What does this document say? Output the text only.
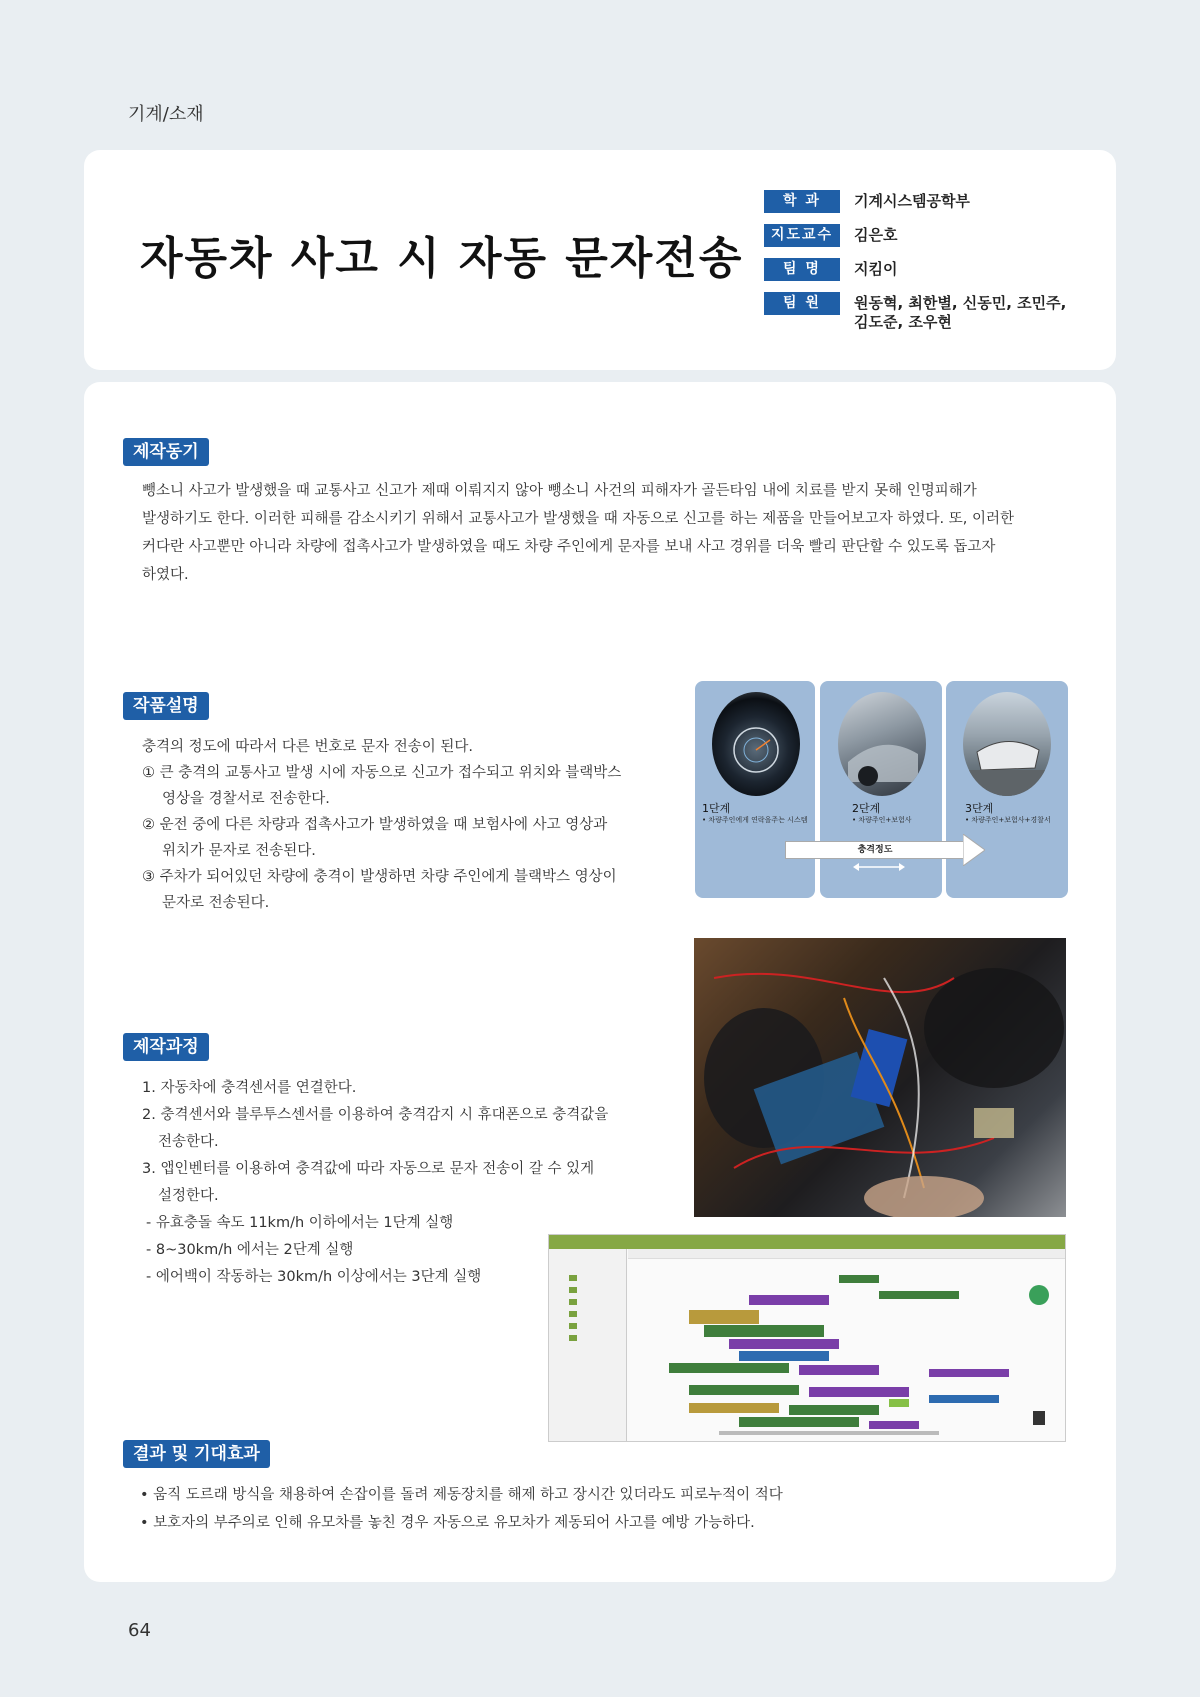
기계/소재
자동차 사고 시 자동 문자전송
학 과	기계시스템공학부
지도교수	김은호
팀 명	지킴이
팀 원	원동혁, 최한별, 신동민, 조민주, 김도준, 조우현
제작동기
뺑소니 사고가 발생했을 때 교통사고 신고가 제때 이뤄지지 않아 뺑소니 사건의 피해자가 골든타임 내에 치료를 받지 못해 인명피해가
발생하기도 한다. 이러한 피해를 감소시키기 위해서 교통사고가 발생했을 때 자동으로 신고를 하는 제품을 만들어보고자 하였다. 또, 이러한
커다란 사고뿐만 아니라 차량에 접촉사고가 발생하였을 때도 차량 주인에게 문자를 보내 사고 경위를 더욱 빨리 판단할 수 있도록 돕고자
하였다.
작품설명
충격의 정도에 따라서 다른 번호로 문자 전송이 된다.
① 큰 충격의 교통사고 발생 시에 자동으로 신고가 접수되고 위치와 블랙박스
영상을 경찰서로 전송한다.
② 운전 중에 다른 차량과 접촉사고가 발생하였을 때 보험사에 사고 영상과
위치가 문자로 전송된다.
③ 주차가 되어있던 차량에 충격이 발생하면 차량 주인에게 블랙박스 영상이
문자로 전송된다.
1단계
• 차량주인에게 연락을주는 시스템
2단계
• 차량주인+보험사
3단계
• 차량주인+보험사+경찰서
충격정도
제작과정
1. 자동차에 충격센서를 연결한다.
2. 충격센서와 블루투스센서를 이용하여 충격감지 시 휴대폰으로 충격값을
전송한다.
3. 앱인벤터를 이용하여 충격값에 따라 자동으로 문자 전송이 갈 수 있게
설정한다.
- 유효충돌 속도 11km/h 이하에서는 1단계 실행
- 8~30km/h 에서는 2단계 실행
- 에어백이 작동하는 30km/h 이상에서는 3단계 실행
결과 및 기대효과
• 움직 도르래 방식을 채용하여 손잡이를 돌려 제동장치를 해제 하고 장시간 있더라도 피로누적이 적다
• 보호자의 부주의로 인해 유모차를 놓친 경우 자동으로 유모차가 제동되어 사고를 예방 가능하다.
64
